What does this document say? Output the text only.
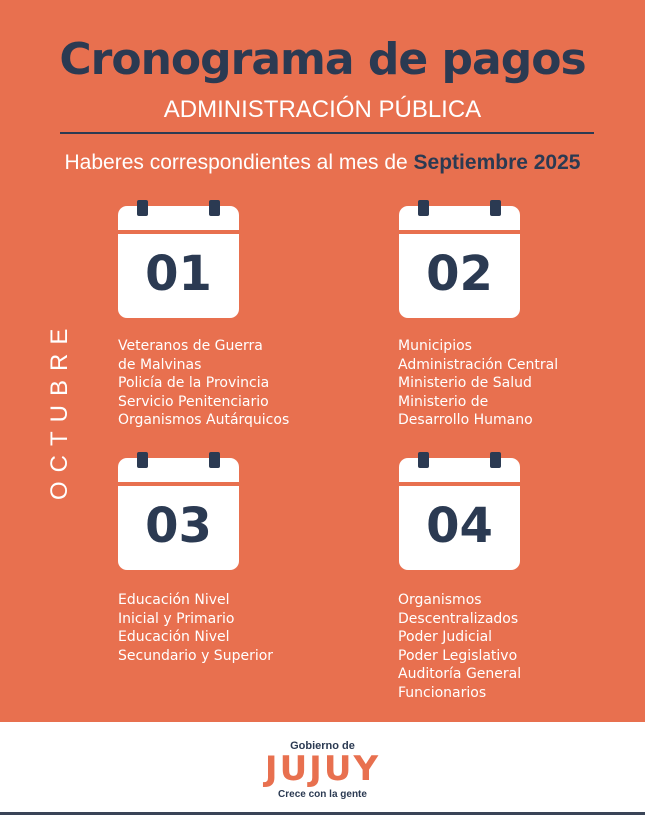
Cronograma de pagos
ADMINISTRACIÓN PÚBLICA
Haberes correspondientes al mes de Septiembre 2025
OCTUBRE
01
Veteranos de Guerra
de Malvinas
Policía de la Provincia
Servicio Penitenciario
Organismos Autárquicos
02
Municipios
Administración Central
Ministerio de Salud
Ministerio de
Desarrollo Humano
03
Educación Nivel
Inicial y Primario
Educación Nivel
Secundario y Superior
04
Organismos
Descentralizados
Poder Judicial
Poder Legislativo
Auditoría General
Funcionarios
Gobierno de
JUJUY
Crece con la gente
